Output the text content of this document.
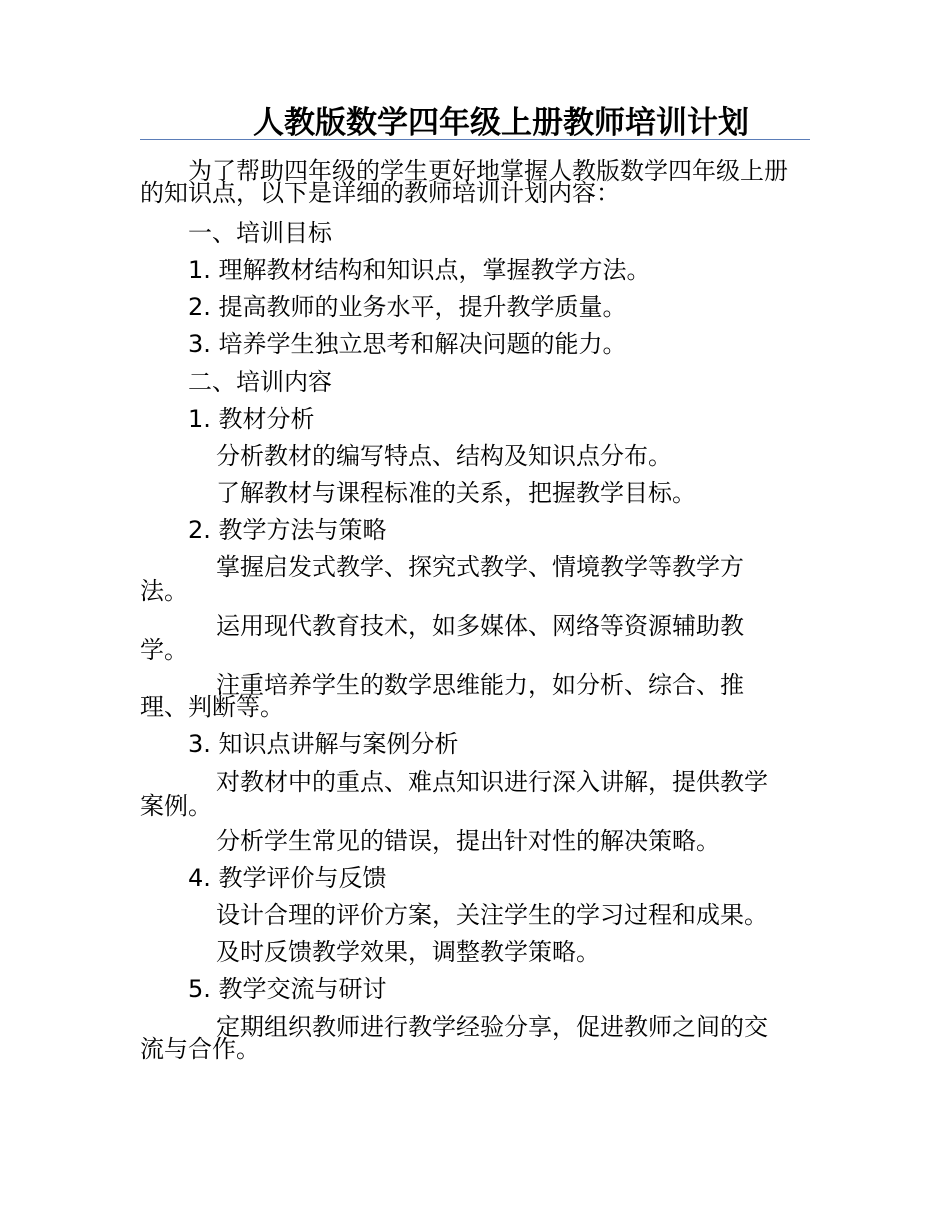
人教版数学四年级上册教师培训计划
为了帮助四年级的学生更好地掌握人教版数学四年级上册
的知识点，以下是详细的教师培训计划内容：
一、培训目标
1. 理解教材结构和知识点，掌握教学方法。
2. 提高教师的业务水平，提升教学质量。
3. 培养学生独立思考和解决问题的能力。
二、培训内容
1. 教材分析
分析教材的编写特点、结构及知识点分布。
了解教材与课程标准的关系，把握教学目标。
2. 教学方法与策略
掌握启发式教学、探究式教学、情境教学等教学方
法。
运用现代教育技术，如多媒体、网络等资源辅助教
学。
注重培养学生的数学思维能力，如分析、综合、推
理、判断等。
3. 知识点讲解与案例分析
对教材中的重点、难点知识进行深入讲解，提供教学
案例。
分析学生常见的错误，提出针对性的解决策略。
4. 教学评价与反馈
设计合理的评价方案，关注学生的学习过程和成果。
及时反馈教学效果，调整教学策略。
5. 教学交流与研讨
定期组织教师进行教学经验分享，促进教师之间的交
流与合作。
